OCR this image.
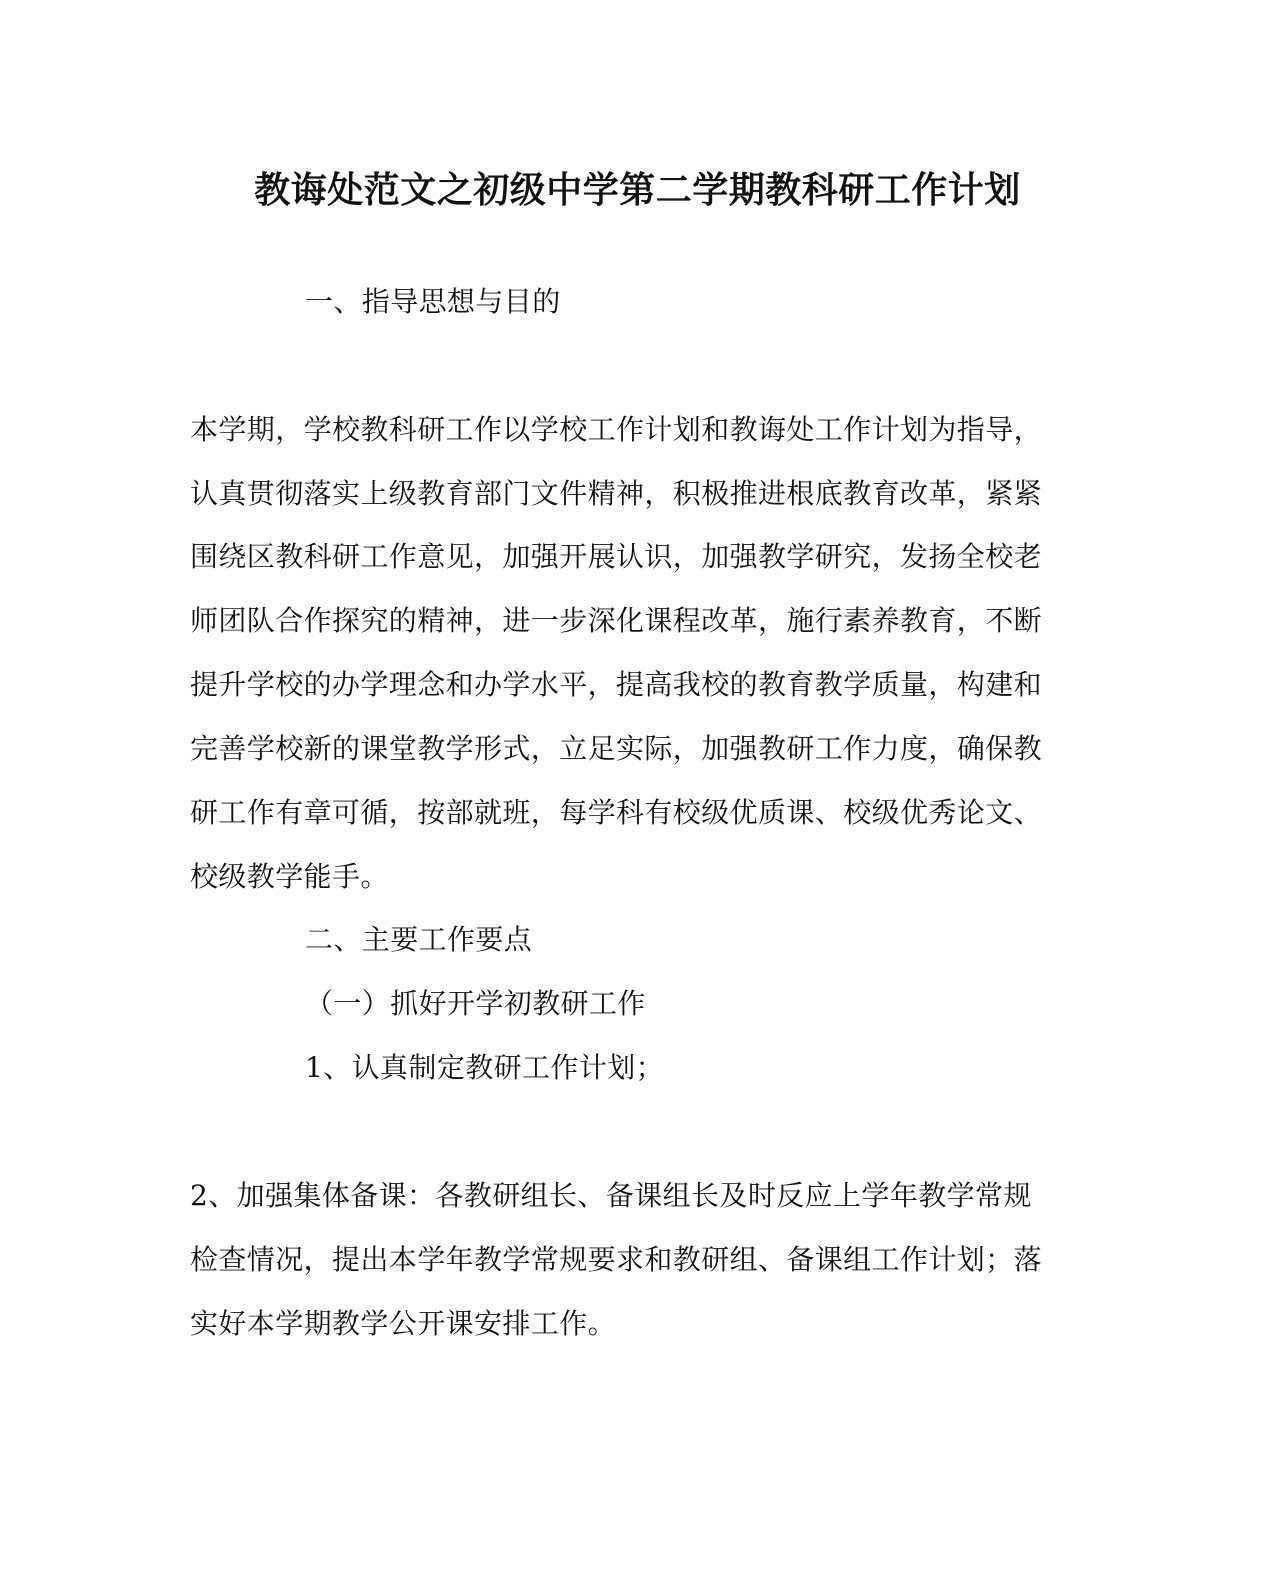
教诲处范文之初级中学第二学期教科研工作计划
一、指导思想与目的
本学期，学校教科研工作以学校工作计划和教诲处工作计划为指导，
认真贯彻落实上级教育部门文件精神，积极推进根底教育改革，紧紧
围绕区教科研工作意见，加强开展认识，加强教学研究，发扬全校老
师团队合作探究的精神，进一步深化课程改革，施行素养教育，不断
提升学校的办学理念和办学水平，提高我校的教育教学质量，构建和
完善学校新的课堂教学形式，立足实际，加强教研工作力度，确保教
研工作有章可循，按部就班，每学科有校级优质课、校级优秀论文、
校级教学能手。
二、主要工作要点
（一）抓好开学初教研工作
1、认真制定教研工作计划；
2、加强集体备课：各教研组长、备课组长及时反应上学年教学常规
检查情况，提出本学年教学常规要求和教研组、备课组工作计划；落
实好本学期教学公开课安排工作。
